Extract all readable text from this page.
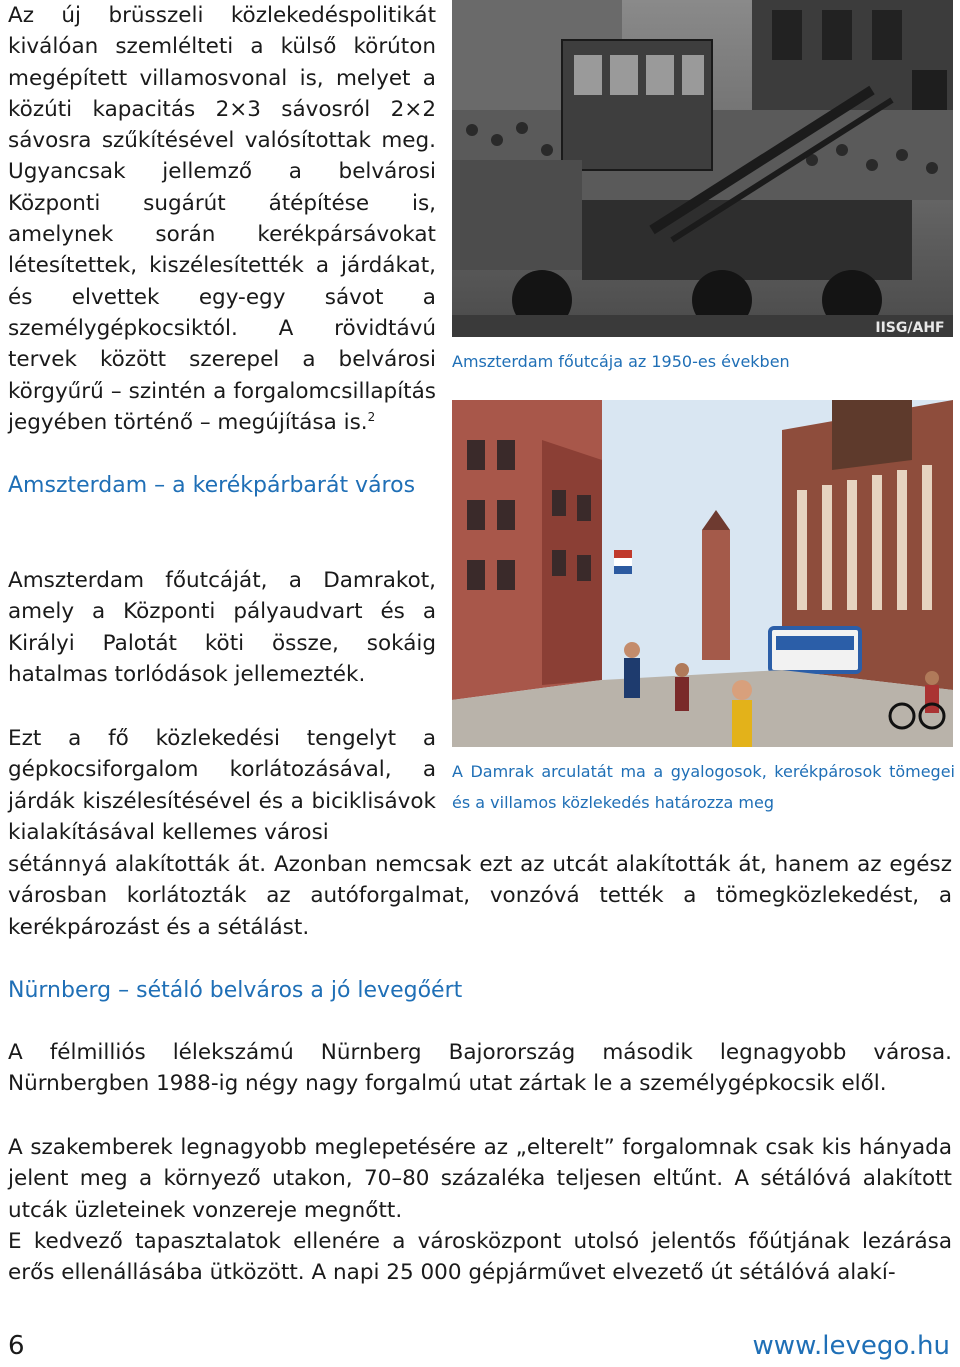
Az új brüsszeli közlekedéspolitikát kiválóan szemlélteti a külső körúton megépített villamosvonal is, melyet a közúti kapacitás 2×3 sávosról 2×2 sávosra szűkítésével valósítottak meg. Ugyancsak jellemző a belvárosi Központi sugárút átépítése is, amelynek során kerékpársávokat létesítettek, kiszélesítették a járdákat, és elvettek egy-egy sávot a személygépkocsiktól. A rövidtávú tervek között szerepel a belvárosi körgyűrű – szintén a forgalomcsillapítás jegyében történő – megújítása is.$^2$

IISG/AHF

Amszterdam főutcája az 1950-es években

A Damrak arculatát ma a gyalogosok, kerékpárosok tömegei és a villamos közlekedés határozza meg

Amszterdam – a kerékpárbarát város

Amszterdam főutcáját, a Damrakot, amely a Központi pályaudvart és a Királyi Palotát köti össze, sokáig hatalmas torlódások jellemezték.

Ezt a fő közlekedési tengelyt a gépkocsiforgalom korlátozásával, a járdák kiszélesítésével és a biciklisávok kialakításával kellemes városi

sétánnyá alakították át. Azonban nemcsak ezt az utcát alakították át, hanem az egész városban korlátozták az autóforgalmat, vonzóvá tették a tömegközlekedést, a kerékpározást és a sétálást.

Nürnberg – sétáló belváros a jó levegőért

A félmilliós lélekszámú Nürnberg Bajorország második legnagyobb városa. Nürnbergben 1988-ig négy nagy forgalmú utat zártak le a személygépkocsik elől.

A szakemberek legnagyobb meglepetésére az „elterelt” forgalomnak csak kis hányada jelent meg a környező utakon, 70–80 százaléka teljesen eltűnt. A sétálóvá alakított utcák üzleteinek vonzereje megnőtt.

E kedvező tapasztalatok ellenére a városközpont utolsó jelentős főútjának lezárása erős ellenállásába ütközött. A napi 25 000 gépjárművet elvezető út sétálóvá alakí-

6	www.levego.hu
